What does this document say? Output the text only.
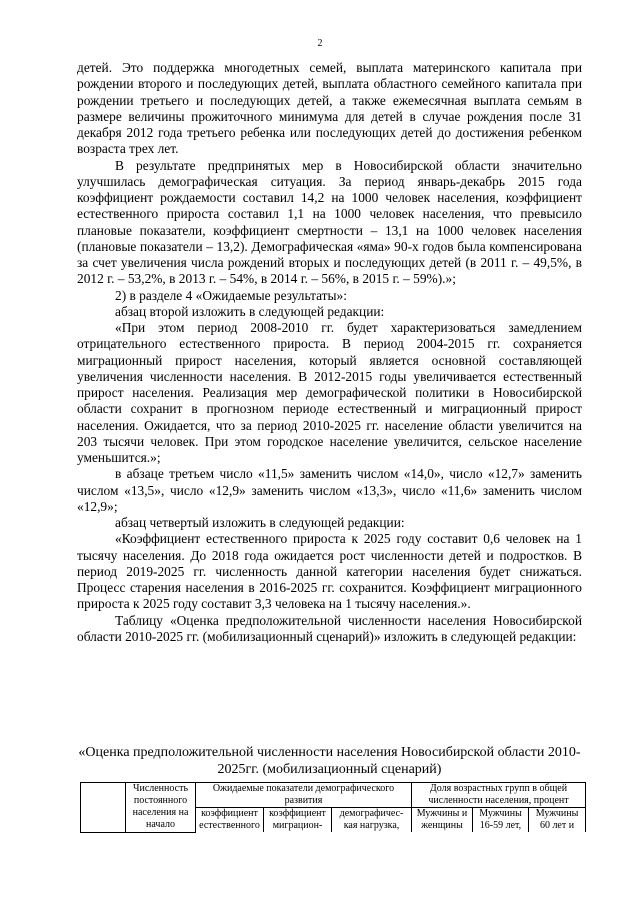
2

детей. Это поддержка многодетных семей, выплата материнского капитала при рождении второго и последующих детей, выплата областного семейного капитала при рождении третьего и последующих детей, а также ежемесячная выплата семьям в размере величины прожиточного минимума для детей в случае рождения после 31 декабря 2012 года третьего ребенка или последующих детей до достижения ребенком возраста трех лет.

В результате предпринятых мер в Новосибирской области значительно улучшилась демографическая ситуация. За период январь-декабрь 2015 года коэффициент рождаемости составил 14,2 на 1000 человек населения, коэффициент естественного прироста составил 1,1 на 1000 человек населения, что превысило плановые показатели, коэффициент смертности – 13,1 на 1000 человек населения (плановые показатели – 13,2). Демографическая «яма» 90-х годов была компенсирована за счет увеличения числа рождений вторых и последующих детей (в 2011 г. – 49,5%, в 2012 г. – 53,2%, в 2013 г. – 54%, в 2014 г. – 56%, в 2015 г. – 59%).»;

2) в разделе 4 «Ожидаемые результаты»:

абзац второй изложить в следующей редакции:

«При этом период 2008-2010 гг. будет характеризоваться замедлением отрицательного естественного прироста. В период 2004-2015 гг. сохраняется миграционный прирост населения, который является основной составляющей увеличения численности населения. В 2012-2015 годы увеличивается естественный прирост населения. Реализация мер демографической политики в Новосибирской области сохранит в прогнозном периоде естественный и миграционный прирост населения. Ожидается, что за период 2010-2025 гг. население области увеличится на 203 тысячи человек. При этом городское население увеличится, сельское население уменьшится.»;

в абзаце третьем число «11,5» заменить числом «14,0», число «12,7» заменить числом «13,5», число «12,9» заменить числом «13,3», число «11,6» заменить числом «12,9»;

абзац четвертый изложить в следующей редакции:

«Коэффициент естественного прироста к 2025 году составит 0,6 человек на 1 тысячу населения. До 2018 года ожидается рост численности детей и подростков. В период 2019-2025 гг. численность данной категории населения будет снижаться. Процесс старения населения в 2016-2025 гг. сохранится. Коэффициент миграционного прироста к 2025 году составит 3,3 человека на 1 тысячу населения.».

Таблицу «Оценка предположительной численности населения Новосибирской области 2010-2025 гг. (мобилизационный сценарий)» изложить в следующей редакции:

«Оценка предположительной численности населения Новосибирской области 2010-2025гг. (мобилизационный сценарий)
	Численность постоянного населения на начало	Ожидаемые показатели демографического развития			Доля возрастных групп в общей численности населения, процент		
		коэффициент естественного	коэффициент миграцион-	демографичес-кая нагрузка,	Мужчины и женщины	Мужчины 16-59 лет,	Мужчины 60 лет и
